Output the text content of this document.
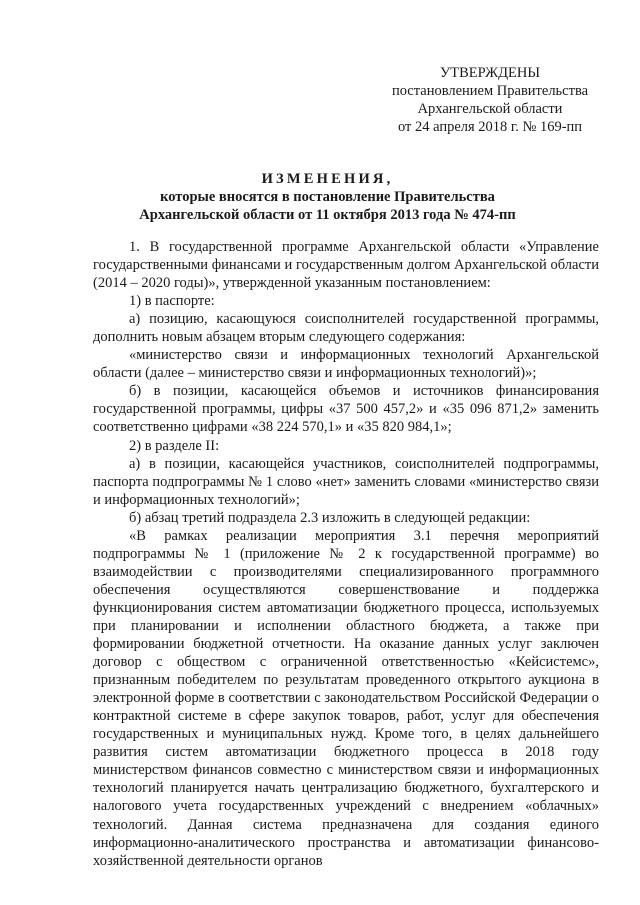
УТВЕРЖДЕНЫ
постановлением Правительства
Архангельской области
от 24 апреля 2018 г. № 169-пп
ИЗМЕНЕНИЯ,
которые вносятся в постановление Правительства
Архангельской области от 11 октября 2013 года № 474-пп

1. В государственной программе Архангельской области «Управление государственными финансами и государственным долгом Архангельской области (2014 – 2020 годы)», утвержденной указанным постановлением:

1) в паспорте:

а) позицию, касающуюся соисполнителей государственной программы, дополнить новым абзацем вторым следующего содержания:

«министерство связи и информационных технологий Архангельской области (далее – министерство связи и информационных технологий)»;

б) в позиции, касающейся объемов и источников финансирования государственной программы, цифры «37 500 457,2» и «35 096 871,2» заменить соответственно цифрами «38 224 570,1» и «35 820 984,1»;

2) в разделе II:

а) в позиции, касающейся участников, соисполнителей подпрограммы, паспорта подпрограммы № 1 слово «нет» заменить словами «министерство связи и информационных технологий»;

б) абзац третий подраздела 2.3 изложить в следующей редакции:

«В рамках реализации мероприятия 3.1 перечня мероприятий подпрограммы № 1 (приложение № 2 к государственной программе) во взаимодействии с производителями специализированного программного обеспечения осуществляются совершенствование и поддержка функционирования систем автоматизации бюджетного процесса, используемых при планировании и исполнении областного бюджета, а также при формировании бюджетной отчетности. На оказание данных услуг заключен договор с обществом с ограниченной ответственностью «Кейсистемс», признанным победителем по результатам проведенного открытого аукциона в электронной форме в соответствии с законодательством Российской Федерации о контрактной системе в сфере закупок товаров, работ, услуг для обеспечения государственных и муниципальных нужд. Кроме того, в целях дальнейшего развития систем автоматизации бюджетного процесса в 2018 году министерством финансов совместно с министерством связи и информационных технологий планируется начать централизацию бюджетного, бухгалтерского и налогового учета государственных учреждений с внедрением «облачных» технологий. Данная система предназначена для создания единого информационно-аналитического пространства и автоматизации финансово-хозяйственной деятельности органов
